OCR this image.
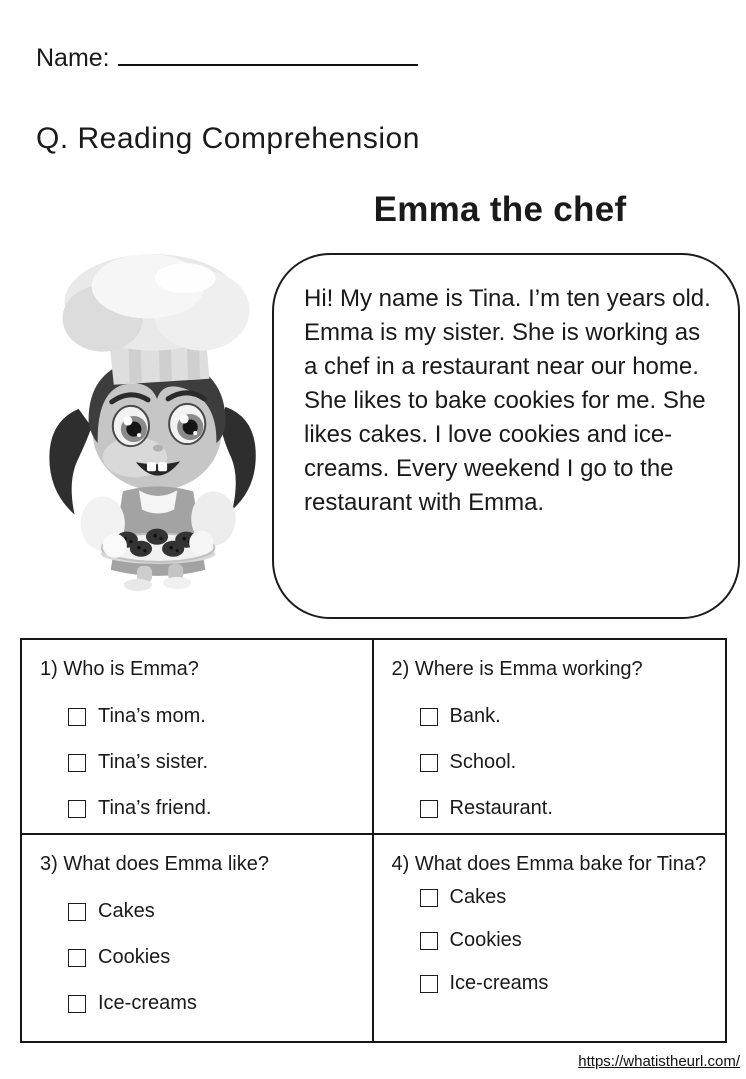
Name:
Q. Reading Comprehension
Emma the chef
Hi! My name is Tina. I’m ten years old. Emma is my sister. She is working as a chef in a restaurant near our home. She likes to bake cookies for me. She likes cakes. I love cookies and ice-creams. Every weekend I go to the restaurant with Emma.
1) Who is Emma?
Tina’s mom.
Tina’s sister.
Tina’s friend.
2) Where is Emma working?
Bank.
School.
Restaurant.
3) What does Emma like?
Cakes
Cookies
Ice-creams
4) What does Emma bake for Tina?
Cakes
Cookies
Ice-creams
https://whatistheurl.com/
